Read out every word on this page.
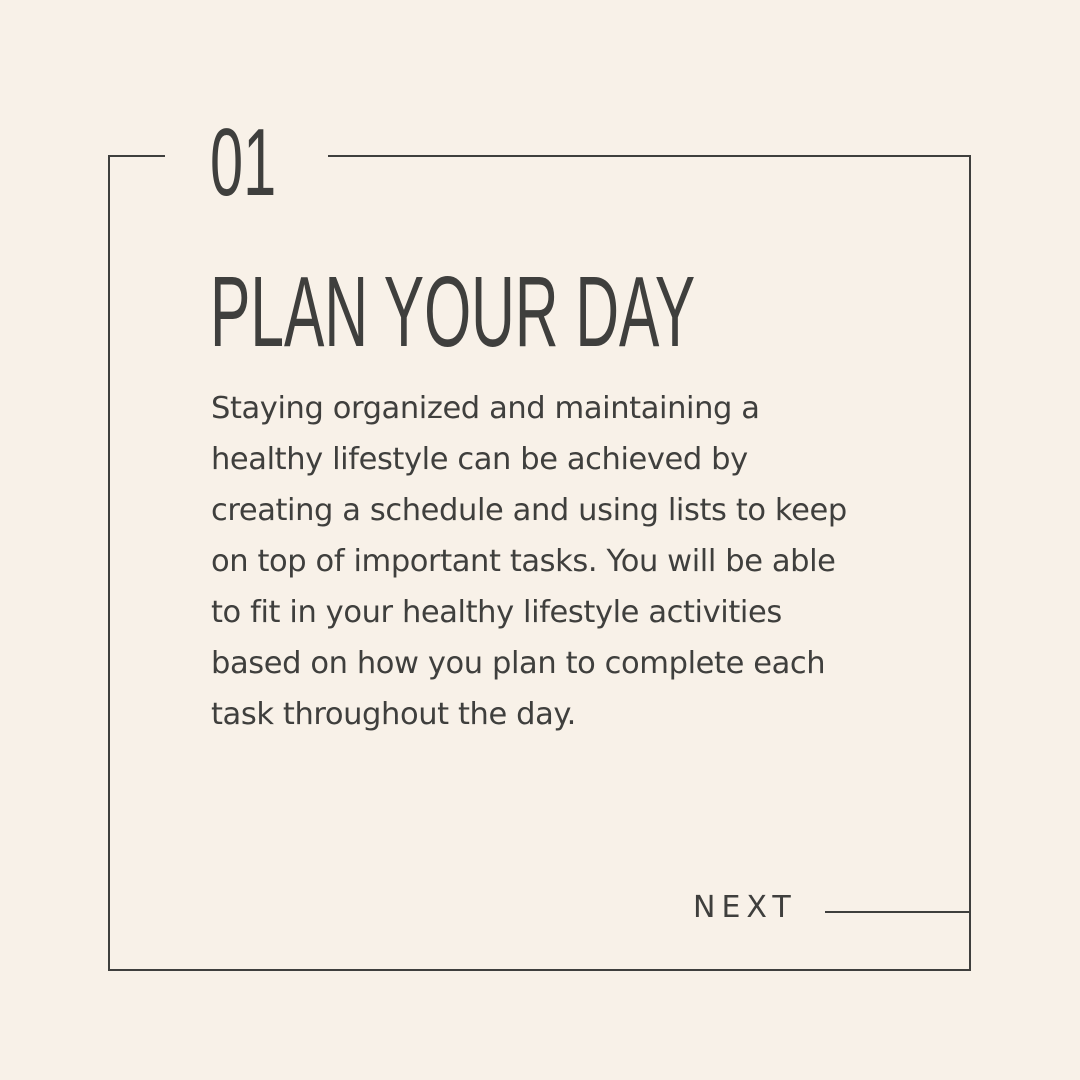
01
PLAN YOUR DAY
Staying organized and maintaining a healthy lifestyle can be achieved by creating a schedule and using lists to keep on top of important tasks. You will be able to fit in your healthy lifestyle activities based on how you plan to complete each task throughout the day.
NEXT
